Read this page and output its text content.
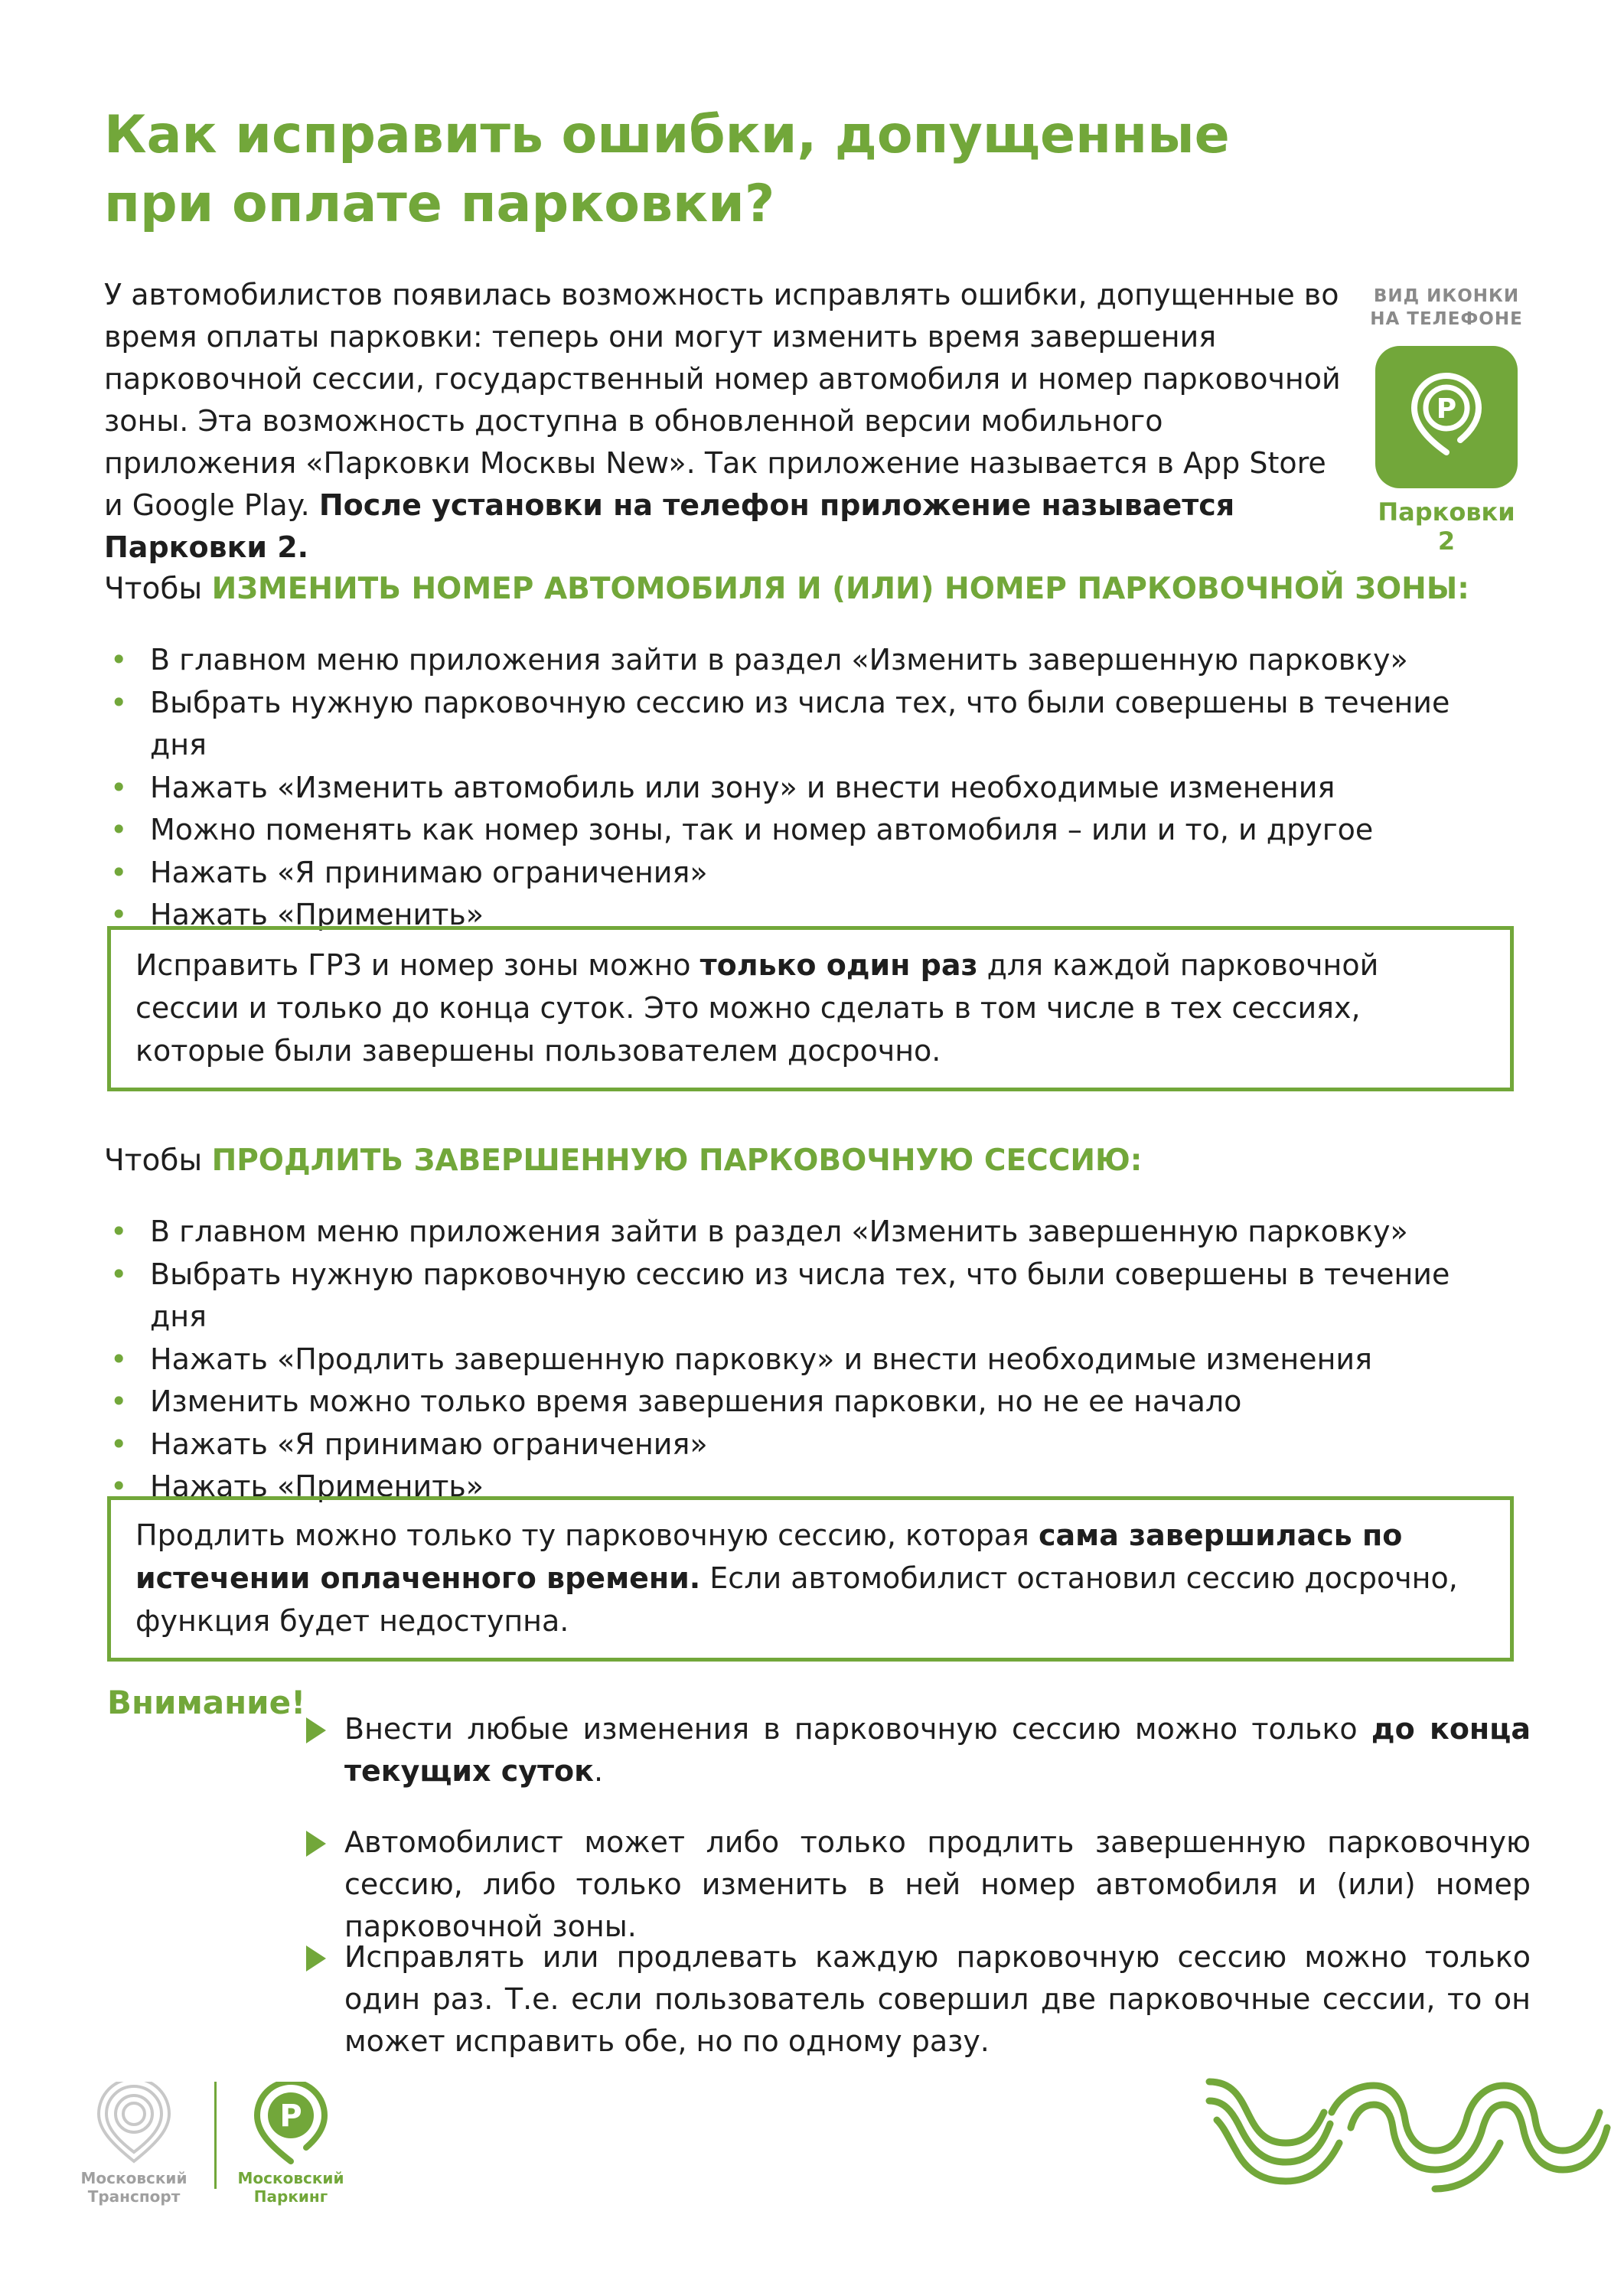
Как исправить ошибки, допущенные
при оплате парковки?

У автомобилистов появилась возможность исправлять ошибки, допущенные во время оплаты парковки: теперь они могут изменить время завершения парковочной сессии, государственный номер автомобиля и номер парковочной зоны. Эта возможность доступна в обновленной версии мобильного приложения «Парковки Москвы New». Так приложение называется в App Store и Google Play. После установки на телефон приложение называется Парковки 2.

ВИД ИКОНКИ
НА ТЕЛЕФОНЕ
P
Парковки 2

Чтобы ИЗМЕНИТЬ НОМЕР АВТОМОБИЛЯ И (ИЛИ) НОМЕР ПАРКОВОЧНОЙ ЗОНЫ:

• В главном меню приложения зайти в раздел «Изменить завершенную парковку»
• Выбрать нужную парковочную сессию из числа тех, что были совершены в течение дня
• Нажать «Изменить автомобиль или зону» и внести необходимые изменения
• Можно поменять как номер зоны, так и номер автомобиля – или и то, и другое
• Нажать «Я принимаю ограничения»
• Нажать «Применить»
Исправить ГРЗ и номер зоны можно только один раз для каждой парковочной сессии и только до конца суток. Это можно сделать в том числе в тех сессиях, которые были завершены пользователем досрочно.

Чтобы ПРОДЛИТЬ ЗАВЕРШЕННУЮ ПАРКОВОЧНУЮ СЕССИЮ:

• В главном меню приложения зайти в раздел «Изменить завершенную парковку»
• Выбрать нужную парковочную сессию из числа тех, что были совершены в течение дня
• Нажать «Продлить завершенную парковку» и внести необходимые изменения
• Изменить можно только время завершения парковки, но не ее начало
• Нажать «Я принимаю ограничения»
• Нажать «Применить»
Продлить можно только ту парковочную сессию, которая сама завершилась по истечении оплаченного времени. Если автомобилист остановил сессию досрочно, функция будет недоступна.
Внимание!

Внести любые изменения в парковочную сессию можно только до конца текущих суток.

Автомобилист может либо только продлить завершенную парковочную сессию, либо только изменить в ней номер автомобиля и (или) номер парковочной зоны.

Исправлять или продлевать каждую парковочную сессию можно только один раз. Т.е. если пользователь совершил две парковочные сессии, то он может исправить обе, но по одному разу.

Московский
Транспорт
P
Московский
Паркинг
